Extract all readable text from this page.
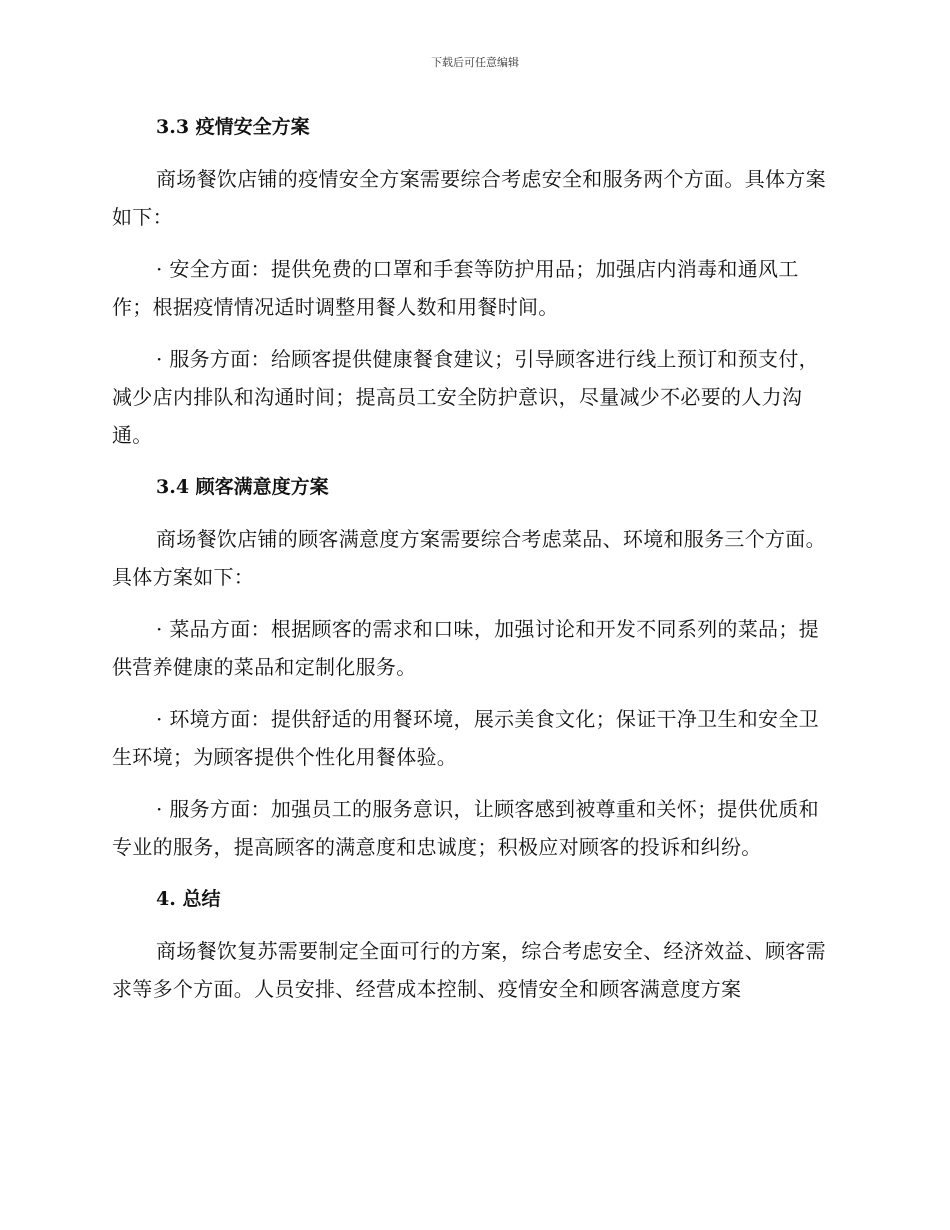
下载后可任意编辑
3.3 疫情安全方案

商场餐饮店铺的疫情安全方案需要综合考虑安全和服务两个方面。具体方案如下：

· 安全方面：提供免费的口罩和手套等防护用品；加强店内消毒和通风工作；根据疫情情况适时调整用餐人数和用餐时间。

· 服务方面：给顾客提供健康餐食建议；引导顾客进行线上预订和预支付，减少店内排队和沟通时间；提高员工安全防护意识，尽量减少不必要的人力沟通。

3.4 顾客满意度方案

商场餐饮店铺的顾客满意度方案需要综合考虑菜品、环境和服务三个方面。具体方案如下：

· 菜品方面：根据顾客的需求和口味，加强讨论和开发不同系列的菜品；提供营养健康的菜品和定制化服务。

· 环境方面：提供舒适的用餐环境，展示美食文化；保证干净卫生和安全卫生环境；为顾客提供个性化用餐体验。

· 服务方面：加强员工的服务意识，让顾客感到被尊重和关怀；提供优质和专业的服务，提高顾客的满意度和忠诚度；积极应对顾客的投诉和纠纷。

4. 总结

商场餐饮复苏需要制定全面可行的方案，综合考虑安全、经济效益、顾客需求等多个方面。人员安排、经营成本控制、疫情安全和顾客满意度方案
